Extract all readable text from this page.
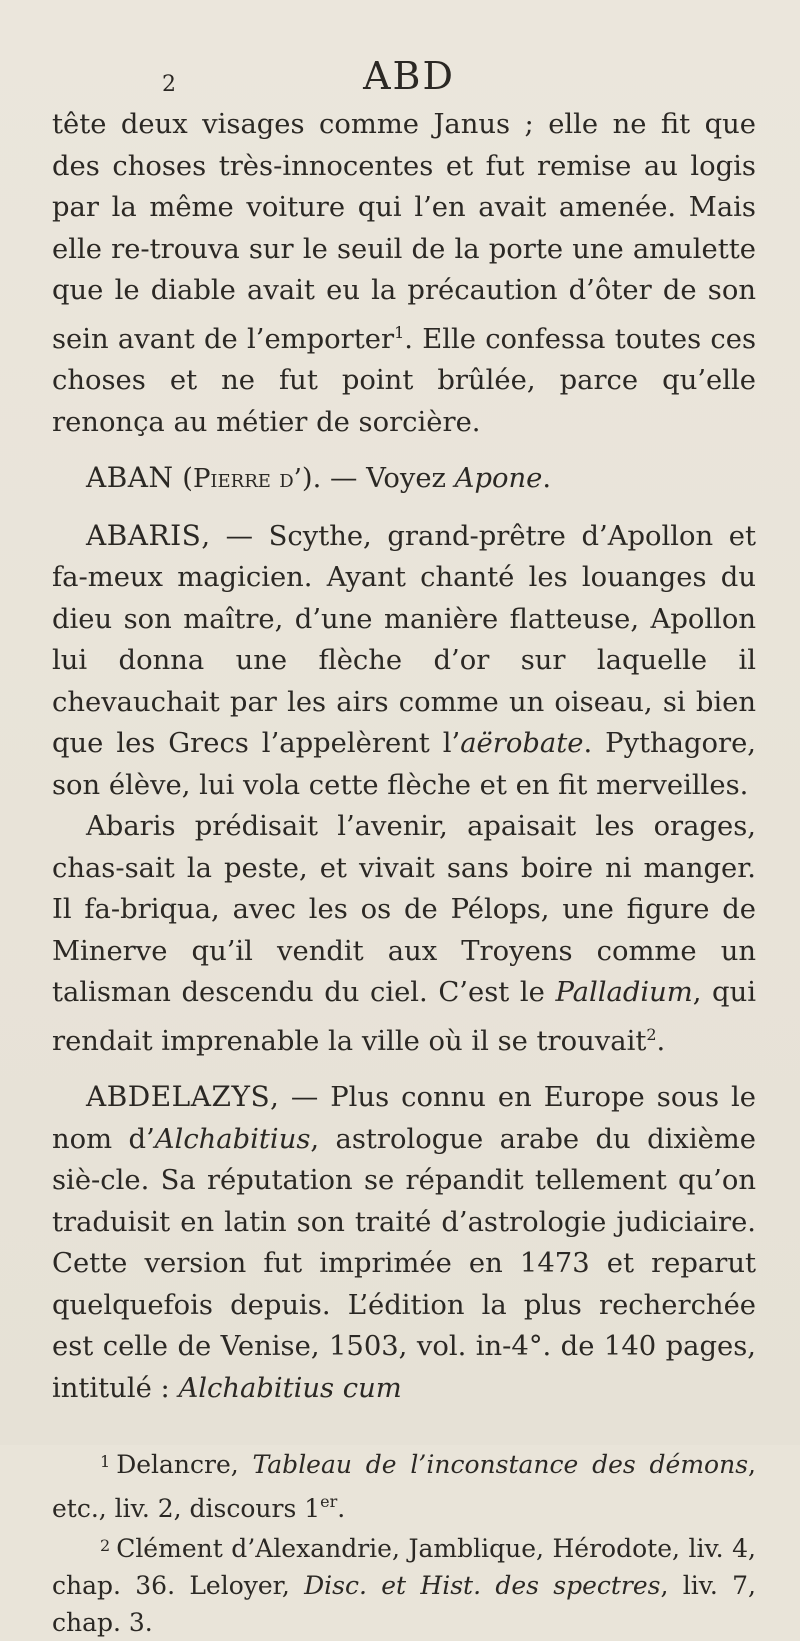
2	ABD

tête deux visages comme Janus ; elle ne fit que des choses très-innocentes et fut remise au logis par la même voiture qui l’en avait amenée. Mais elle re-trouva sur le seuil de la porte une amulette que le diable avait eu la précaution d’ôter de son sein avant de l’emporter$^1$. Elle confessa toutes ces choses et ne fut point brûlée, parce qu’elle renonça au métier de sorcière.

ABAN (Pierre d’). — Voyez Apone.

ABARIS, — Scythe, grand-prêtre d’Apollon et fa-meux magicien. Ayant chanté les louanges du dieu son maître, d’une manière flatteuse, Apollon lui donna une flèche d’or sur laquelle il chevauchait par les airs comme un oiseau, si bien que les Grecs l’appelèrent l’aërobate. Pythagore, son élève, lui vola cette flèche et en fit merveilles.

Abaris prédisait l’avenir, apaisait les orages, chas-sait la peste, et vivait sans boire ni manger. Il fa-briqua, avec les os de Pélops, une figure de Minerve qu’il vendit aux Troyens comme un talisman descendu du ciel. C’est le Palladium, qui rendait imprenable la ville où il se trouvait$^2$.

ABDELAZYS, — Plus connu en Europe sous le nom d’Alchabitius, astrologue arabe du dixième siè-cle. Sa réputation se répandit tellement qu’on traduisit en latin son traité d’astrologie judiciaire. Cette version fut imprimée en 1473 et reparut quelquefois depuis. L’édition la plus recherchée est celle de Venise, 1503, vol. in-4°. de 140 pages, intitulé : Alchabitius cum

$^1$ Delancre, Tableau de l’inconstance des démons, etc., liv. 2, discours 1er.

$^2$ Clément d’Alexandrie, Jamblique, Hérodote, liv. 4, chap. 36. Leloyer, Disc. et Hist. des spectres, liv. 7, chap. 3.
